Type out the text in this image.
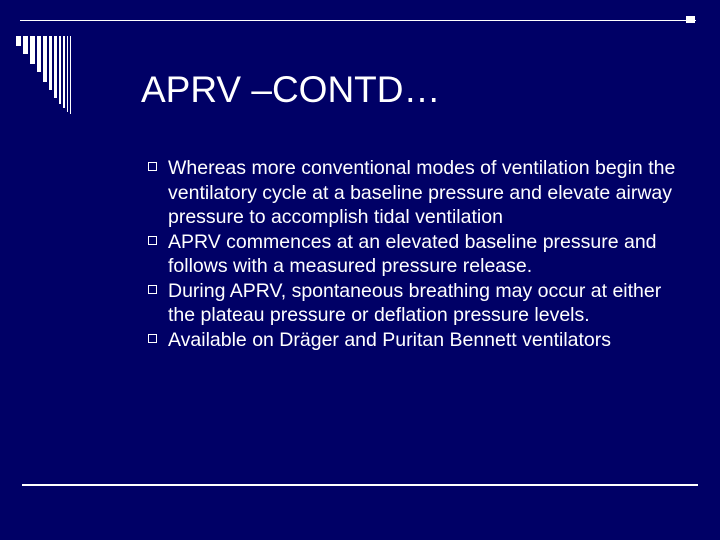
APRV –CONTD…
Whereas more conventional modes of ventilation begin the ventilatory cycle at a baseline pressure and elevate airway pressure to accomplish tidal ventilation
APRV commences at an elevated baseline pressure and follows with a measured pressure release.
During APRV, spontaneous breathing may occur at either the plateau pressure or deflation pressure levels.
Available on Dräger and Puritan Bennett ventilators
